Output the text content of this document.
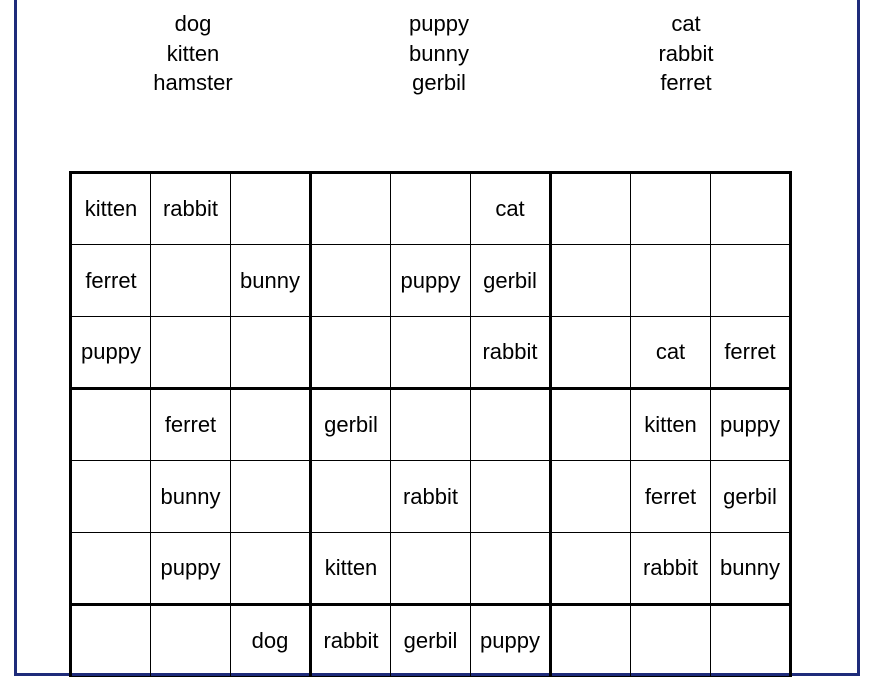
dog
kitten
hamster
puppy
bunny
gerbil
cat
rabbit
ferret
kitten	rabbit				cat			
ferret		bunny		puppy	gerbil			
puppy					rabbit		cat	ferret
	ferret		gerbil				kitten	puppy
	bunny			rabbit			ferret	gerbil
	puppy		kitten				rabbit	bunny
		dog	rabbit	gerbil	puppy			
